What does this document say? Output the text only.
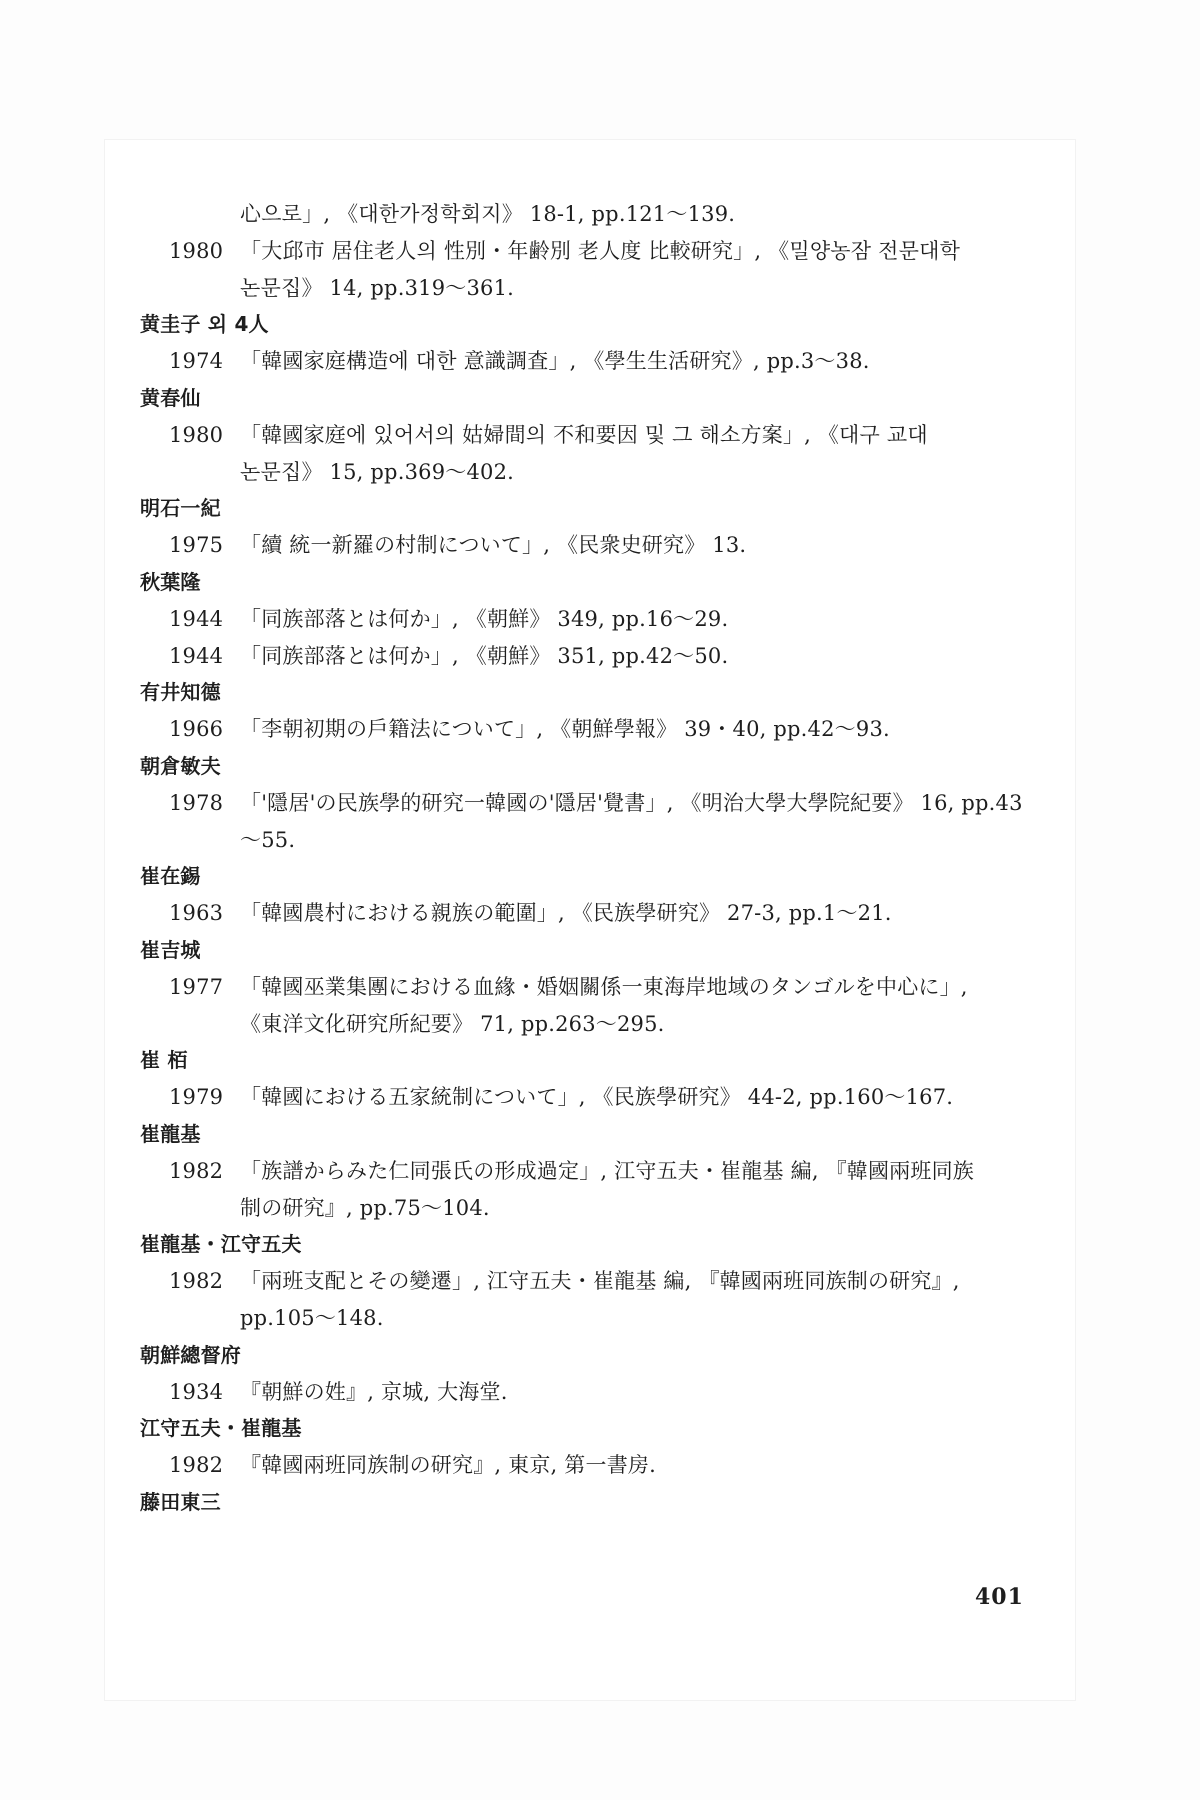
心으로」, 《대한가정학회지》 18-1, pp.121～139.
1980 「大邱市 居住老人의 性別・年齢別 老人度 比較研究」, 《밀양농잠 전문대학
논문집》 14, pp.319～361.
黄圭子 외 4人
1974 「韓國家庭構造에 대한 意識調査」, 《學生生活研究》, pp.3～38.
黄春仙
1980 「韓國家庭에 있어서의 姑婦間의 不和要因 및 그 해소方案」, 《대구 교대
논문집》 15, pp.369～402.
明石一紀
1975 「續 統一新羅の村制について」, 《民衆史研究》 13.
秋葉隆
1944 「同族部落とは何か」, 《朝鮮》 349, pp.16～29.
1944 「同族部落とは何か」, 《朝鮮》 351, pp.42～50.
有井知德
1966 「李朝初期の戶籍法について」, 《朝鮮學報》 39・40, pp.42～93.
朝倉敏夫
1978 「'隱居'の民族學的研究一韓國の'隱居'覺書」, 《明治大學大學院紀要》 16, pp.43
～55.
崔在錫
1963 「韓國農村における親族の範圍」, 《民族學研究》 27-3, pp.1～21.
崔吉城
1977 「韓國巫業集團における血緣・婚姻關係一東海岸地域のタンゴルを中心に」,
《東洋文化研究所紀要》 71, pp.263～295.
崔 栢
1979 「韓國における五家統制について」, 《民族學研究》 44-2, pp.160～167.
崔龍基
1982 「族譜からみた仁同張氏の形成過定」, 江守五夫・崔龍基 編, 『韓國兩班同族
制の研究』, pp.75～104.
崔龍基・江守五夫
1982 「兩班支配とその變遷」, 江守五夫・崔龍基 編, 『韓國兩班同族制の研究』,
pp.105～148.
朝鮮總督府
1934 『朝鮮の姓』, 京城, 大海堂.
江守五夫・崔龍基
1982 『韓國兩班同族制の研究』, 東京, 第一書房.
藤田東三
401
